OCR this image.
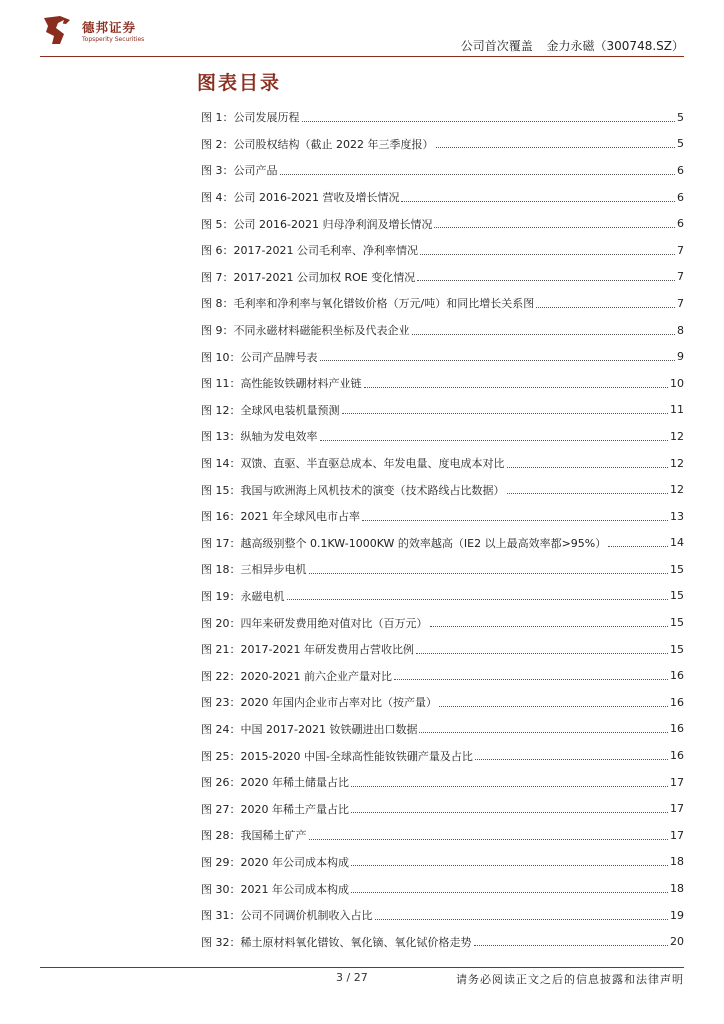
德邦证券
Topsperity Securities	公司首次覆盖 金力永磁（300748.SZ）
图表目录
图 1 ： 公司发展历程	5
图 2 ： 公司股权结构（截止 2022 年三季度报）	5
图 3 ： 公司产品	6
图 4 ： 公司 2016-2021 营收及增长情况	6
图 5 ： 公司 2016-2021 归母净利润及增长情况	6
图 6 ： 2017-2021 公司毛利率、净利率情况	7
图 7 ： 2017-2021 公司加权 ROE 变化情况	7
图 8 ： 毛利率和净利率与氧化镨钕价格（万元/吨）和同比增长关系图	7
图 9 ： 不同永磁材料磁能积坐标及代表企业	8
图 10 ： 公司产品牌号表	9
图 11 ： 高性能钕铁硼材料产业链	10
图 12 ： 全球风电装机量预测	11
图 13 ： 纵轴为发电效率	12
图 14 ： 双馈、直驱、半直驱总成本、年发电量、度电成本对比	12
图 15 ： 我国与欧洲海上风机技术的演变（技术路线占比数据）	12
图 16 ： 2021 年全球风电市占率	13
图 17 ： 越高级别整个 0.1KW-1000KW 的效率越高（IE2 以上最高效率都>95%）	14
图 18 ： 三相异步电机	15
图 19 ： 永磁电机	15
图 20 ： 四年来研发费用绝对值对比（百万元）	15
图 21 ： 2017-2021 年研发费用占营收比例	15
图 22 ： 2020-2021 前六企业产量对比	16
图 23 ： 2020 年国内企业市占率对比（按产量）	16
图 24 ： 中国 2017-2021 钕铁硼进出口数据	16
图 25 ： 2015-2020 中国-全球高性能钕铁硼产量及占比	16
图 26 ： 2020 年稀土储量占比	17
图 27 ： 2020 年稀土产量占比	17
图 28 ： 我国稀土矿产	17
图 29 ： 2020 年公司成本构成	18
图 30 ： 2021 年公司成本构成	18
图 31 ： 公司不同调价机制收入占比	19
图 32 ： 稀土原材料氧化镨钕、氧化镝、氧化铽价格走势	20
3 / 27	请务必阅读正文之后的信息披露和法律声明
